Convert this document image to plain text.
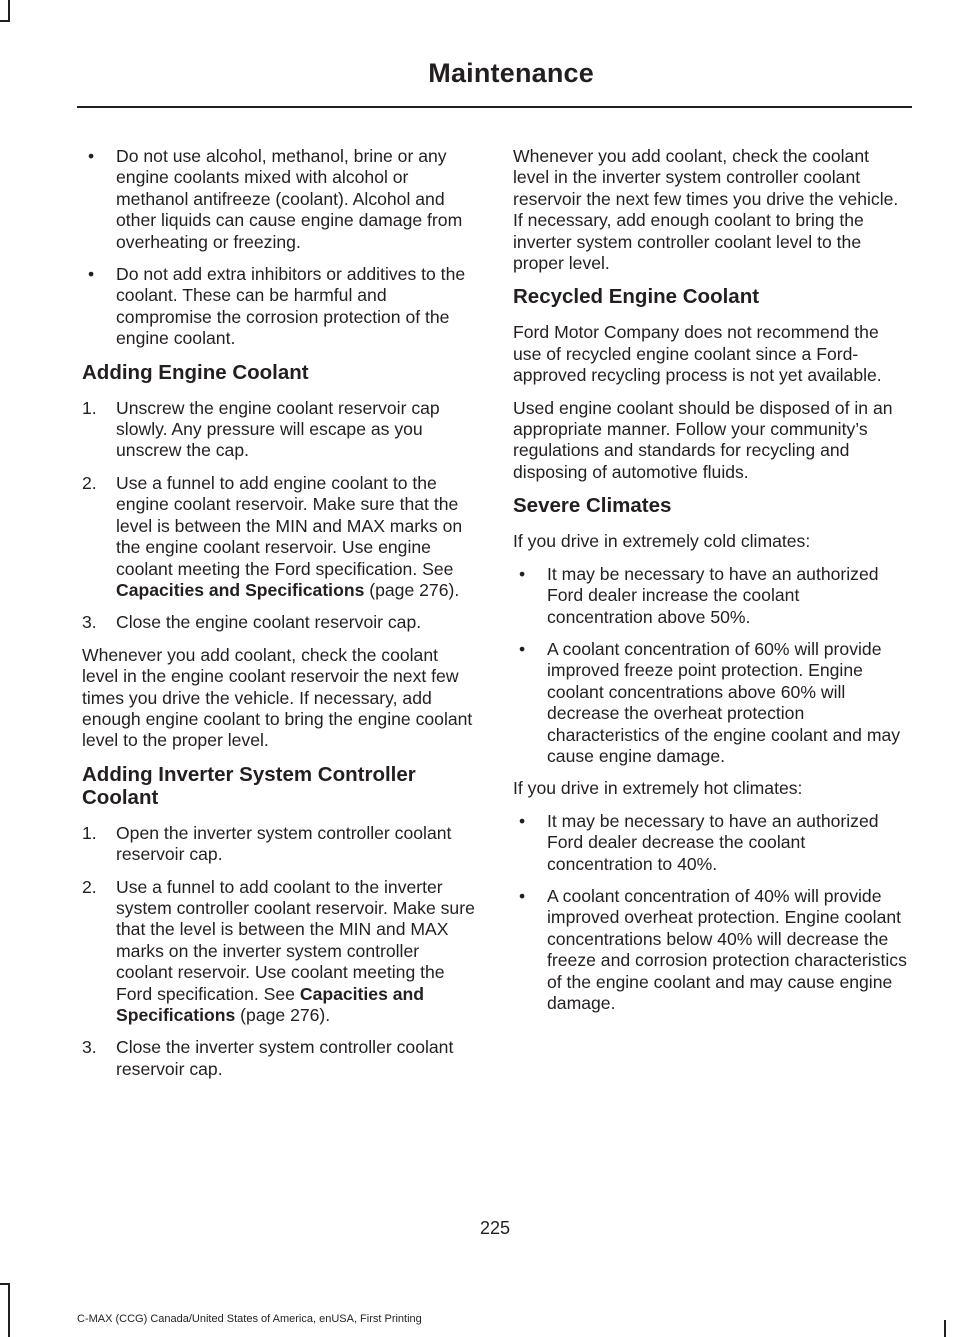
Maintenance
• Do not use alcohol, methanol, brine or any engine coolants mixed with alcohol or methanol antifreeze (coolant). Alcohol and other liquids can cause engine damage from overheating or freezing.
• Do not add extra inhibitors or additives to the coolant. These can be harmful and compromise the corrosion protection of the engine coolant.
Adding Engine Coolant
1. Unscrew the engine coolant reservoir cap slowly. Any pressure will escape as you unscrew the cap.
2. Use a funnel to add engine coolant to the engine coolant reservoir. Make sure that the level is between the MIN and MAX marks on the engine coolant reservoir. Use engine coolant meeting the Ford specification. See Capacities and Specifications (page 276).
3. Close the engine coolant reservoir cap.

Whenever you add coolant, check the coolant level in the engine coolant reservoir the next few times you drive the vehicle. If necessary, add enough engine coolant to bring the engine coolant level to the proper level.

Adding Inverter System Controller Coolant
1. Open the inverter system controller coolant reservoir cap.
2. Use a funnel to add coolant to the inverter system controller coolant reservoir. Make sure that the level is between the MIN and MAX marks on the inverter system controller coolant reservoir. Use coolant meeting the Ford specification. See Capacities and Specifications (page 276).
3. Close the inverter system controller coolant reservoir cap.

Whenever you add coolant, check the coolant level in the inverter system controller coolant reservoir the next few times you drive the vehicle. If necessary, add enough coolant to bring the inverter system controller coolant level to the proper level.

Recycled Engine Coolant

Ford Motor Company does not recommend the use of recycled engine coolant since a Ford-approved recycling process is not yet available.

Used engine coolant should be disposed of in an appropriate manner. Follow your community’s regulations and standards for recycling and disposing of automotive fluids.

Severe Climates

If you drive in extremely cold climates:

• It may be necessary to have an authorized Ford dealer increase the coolant concentration above 50%.
• A coolant concentration of 60% will provide improved freeze point protection. Engine coolant concentrations above 60% will decrease the overheat protection characteristics of the engine coolant and may cause engine damage.

If you drive in extremely hot climates:

• It may be necessary to have an authorized Ford dealer decrease the coolant concentration to 40%.
• A coolant concentration of 40% will provide improved overheat protection. Engine coolant concentrations below 40% will decrease the freeze and corrosion protection characteristics of the engine coolant and may cause engine damage.
225
C-MAX (CCG) Canada/United States of America, enUSA, First Printing
